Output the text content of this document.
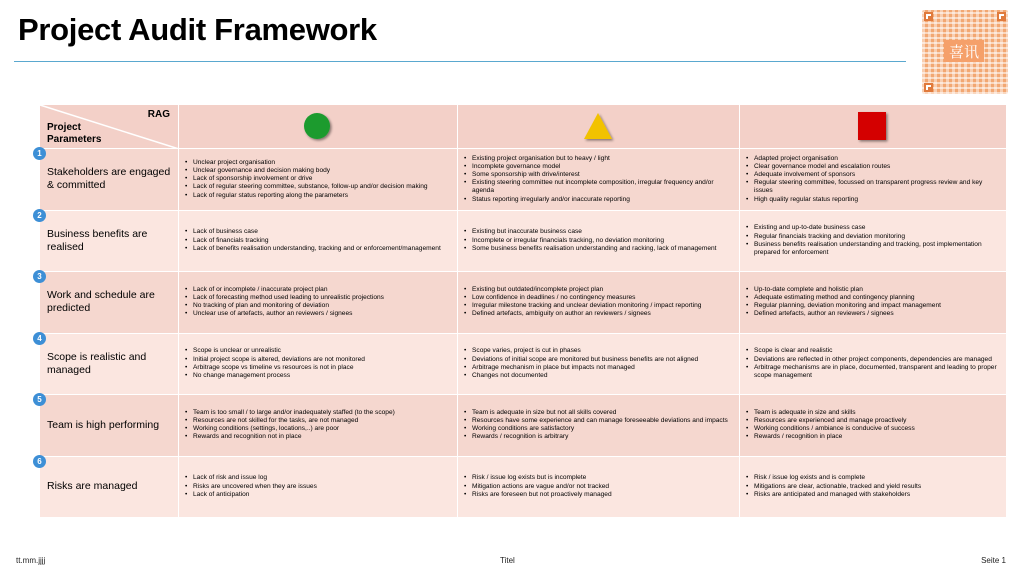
Project Audit Framework
喜讯
RAG
Project
Parameters
1
Stakeholders are engaged & committed
• Unclear project organisation
• Unclear governance and decision making body
• Lack of sponsorship involvement or drive
• Lack of regular steering committee, substance, follow-up and/or decision making
• Lack of regular status reporting along the parameters
• Existing project organisation but to heavy / light
• Incomplete governance model
• Some sponsorship with drive/interest
• Existing steering committee nut incomplete composition, irregular frequency and/or agenda
• Status reporting irregularly and/or inaccurate reporting
• Adapted project organisation
• Clear governance model and escalation routes
• Adequate involvement of sponsors
• Regular steering committee, focussed on transparent progress review and key issues
• High quality regular status reporting
2
Business benefits are realised
• Lack of business case
• Lack of financials tracking
• Lack of benefits realisation understanding, tracking and or enforcement/management
• Existing but inaccurate business case
• Incomplete or irregular financials tracking, no deviation monitoring
• Some business benefits realisation understanding and racking, lack of management
• Existing and up-to-date business case
• Regular financials tracking and deviation monitoring
• Business benefits realisation understanding and tracking, post implementation prepared for enforcement
3
Work and schedule are predicted
• Lack of or incomplete / inaccurate project plan
• Lack of forecasting method used leading to unrealistic projections
• No tracking of plan and monitoring of deviation
• Unclear use of artefacts, author an reviewers / signees
• Existing but outdated/incomplete project plan
• Low confidence in deadlines / no contingency measures
• Irregular milestone tracking and unclear deviation monitoring / impact reporting
• Defined artefacts, ambiguity on author an reviewers / signees
• Up-to-date complete and holistic plan
• Adequate estimating method and contingency planning
• Regular planning, deviation monitoring and impact management
• Defined artefacts, author an reviewers / signees
4
Scope is realistic and managed
• Scope is unclear or unrealistic
• Initial project scope is altered, deviations are not monitored
• Arbitrage scope vs timeline vs resources is not in place
• No change management process
• Scope varies, project is cut in phases
• Deviations of initial scope are monitored but business benefits are not aligned
• Arbitrage mechanism in place but impacts not managed
• Changes not documented
• Scope is clear and realistic
• Deviations are reflected in other project components, dependencies are managed
• Arbitrage mechanisms are in place, documented, transparent and leading to proper scope management
5
Team is high performing
• Team is too small / to large and/or inadequately staffed (to the scope)
• Resources are not skilled for the tasks, are not managed
• Working conditions (settings, locations,..) are poor
• Rewards and recognition not in place
• Team is adequate in size but not all skills covered
• Resources have some experience and can manage foreseeable deviations and impacts
• Working conditions are satisfactory
• Rewards / recognition is arbitrary
• Team is adequate in size and skills
• Resources are experienced and manage proactively
• Working conditions / ambiance is conducive of success
• Rewards / recognition in place
6
Risks are managed
• Lack of risk and issue log
• Risks are uncovered when they are issues
• Lack of anticipation
• Risk / issue log exists but is incomplete
• Mitigation actions are vague and/or not tracked
• Risks are foreseen but not proactively managed
• Risk / issue log exists and is complete
• Mitigations are clear, actionable, tracked and yield results
• Risks are anticipated and managed with stakeholders
tt.mm.jjjj	Titel	Seite 1
